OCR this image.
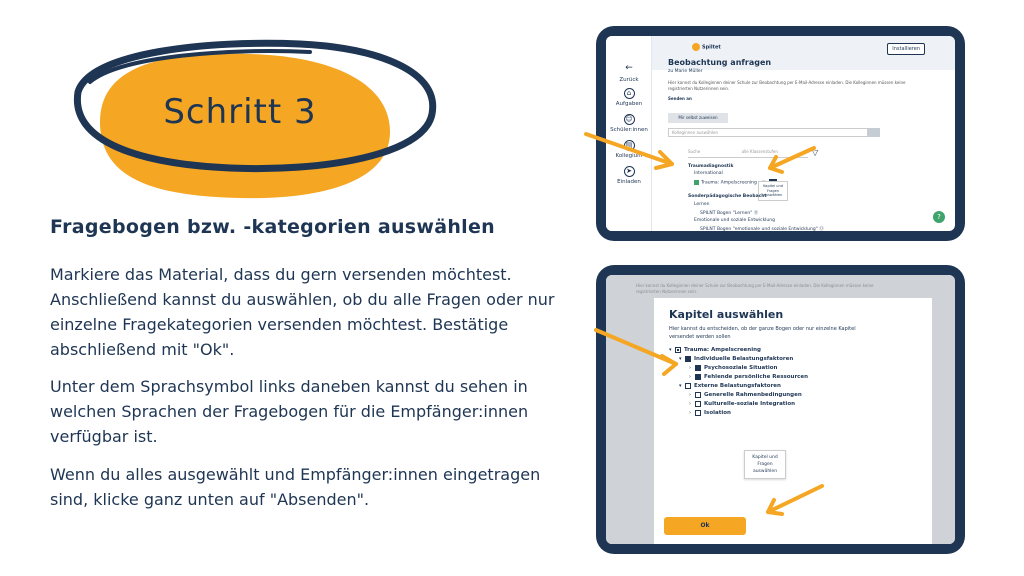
Schritt 3
Fragebogen bzw. -kategorien auswählen
Markiere das Material, dass du gern versenden möchtest. Anschließend kannst du auswählen, ob du alle Fragen oder nur einzelne Fragekategorien versenden möchtest. Bestätige abschließend mit "Ok".
Unter dem Sprachsymbol links daneben kannst du sehen in welchen Sprachen der Fragebogen für die Empfänger:innen verfügbar ist.
Wenn du alles ausgewählt und Empfänger:innen eingetragen sind, klicke ganz unten auf "Absenden".
←
Zurück
⌂
Aufgaben
☺
Schüler:innen
▤
Kollegium
➤
Einladen
Spiltet	Installieren
Beobachtung anfragen
zu Marie Müller
Hier kannst du Kolleginnen deiner Schule zur Beobachtung per E-Mail-Adresse einladen. Die Kolleginnen müssen keine registrierten Nutzerinnen sein.
Senden an
Mir selbst zuweisen
Kolleginnen auswählen
Suche	alle Klassenstufen	▽
Traumadiagnostik
International
Trauma: Ampelscreening
Kapitel und Fragen auswählen
Sonderpädagogische Beobacht
Lernen
SPILNT Bogen "Lernen" ⓪
Emotionale und soziale Entwicklung
SPILNT Bogen "emotionale und soziale Entwicklung" ⓪
?
Hier kannst du Kolleginnen deiner Schule zur Beobachtung per E-Mail-Adresse einladen. Die Kolleginnen müssen keine registrierten Nutzerinnen sein.
Kapitel auswählen
Hier kannst du entscheiden, ob der ganze Bogen oder nur einzelne Kapitel versendet werden sollen
▾ Trauma: Ampelscreening
▾ Individuelle Belastungsfaktoren
› Psychosoziale Situation
› Fehlende persönliche Ressourcen
▾ Externe Belastungsfaktoren
› Generelle Rahmenbedingungen
› Kulturelle-soziale Integration
› Isolation
Kapitel und Fragen auswählen
Ok
